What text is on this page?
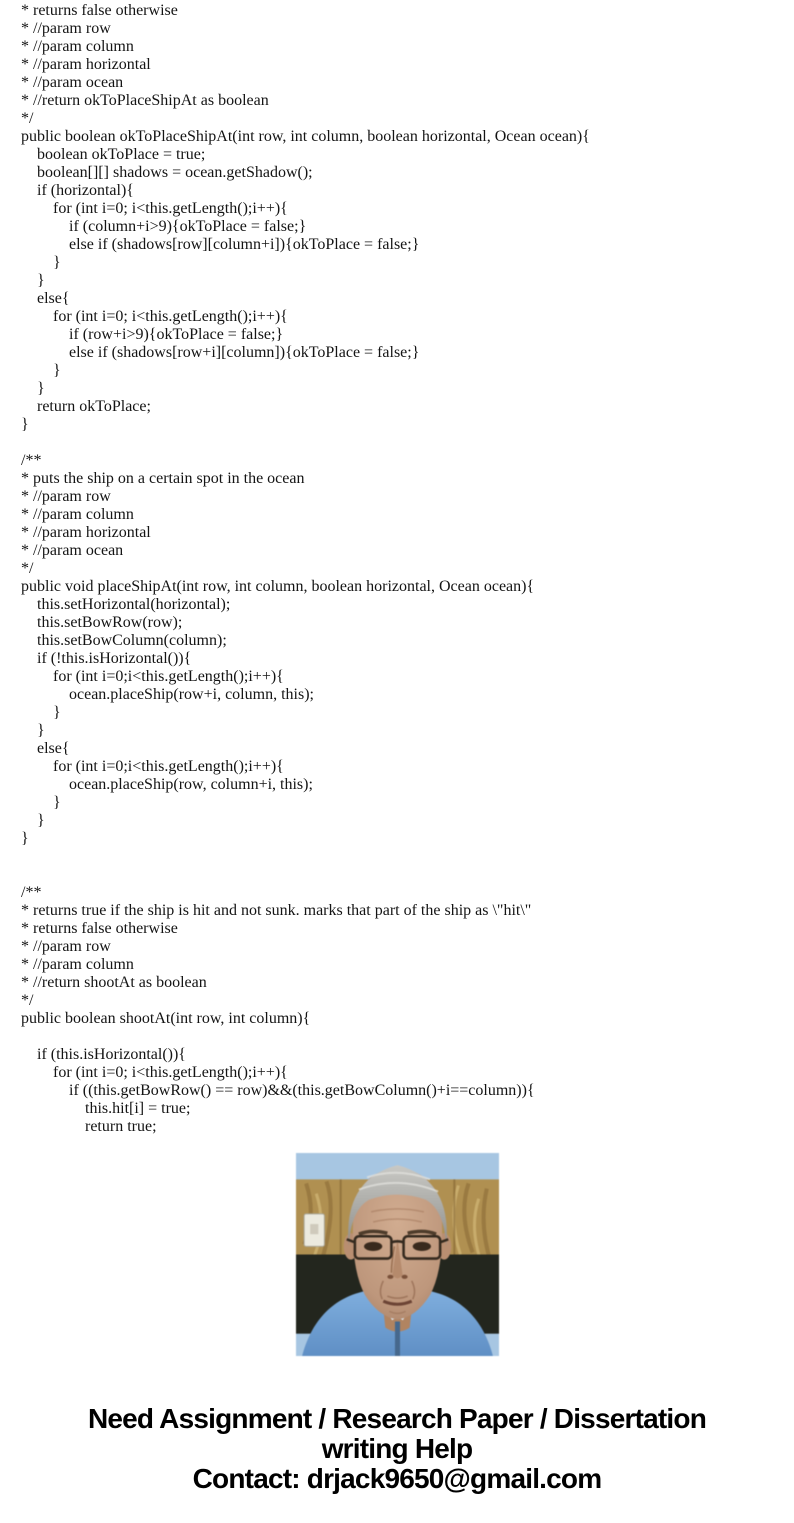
* returns false otherwise
* //param row
* //param column
* //param horizontal
* //param ocean
* //return okToPlaceShipAt as boolean
*/
public boolean okToPlaceShipAt(int row, int column, boolean horizontal, Ocean ocean){
boolean okToPlace = true;
boolean[][] shadows = ocean.getShadow();
if (horizontal){
for (int i=0; i<this.getLength();i++){
if (column+i>9){okToPlace = false;}
else if (shadows[row][column+i]){okToPlace = false;}
}
}
else{
for (int i=0; i<this.getLength();i++){
if (row+i>9){okToPlace = false;}
else if (shadows[row+i][column]){okToPlace = false;}
}
}
return okToPlace;
}
/**
* puts the ship on a certain spot in the ocean
* //param row
* //param column
* //param horizontal
* //param ocean
*/
public void placeShipAt(int row, int column, boolean horizontal, Ocean ocean){
this.setHorizontal(horizontal);
this.setBowRow(row);
this.setBowColumn(column);
if (!this.isHorizontal()){
for (int i=0;i<this.getLength();i++){
ocean.placeShip(row+i, column, this);
}
}
else{
for (int i=0;i<this.getLength();i++){
ocean.placeShip(row, column+i, this);
}
}
}
/**
* returns true if the ship is hit and not sunk. marks that part of the ship as \"hit\"
* returns false otherwise
* //param row
* //param column
* //return shootAt as boolean
*/
public boolean shootAt(int row, int column){
if (this.isHorizontal()){
for (int i=0; i<this.getLength();i++){
if ((this.getBowRow() == row)&&(this.getBowColumn()+i==column)){
this.hit[i] = true;
return true;
Need Assignment / Research Paper / Dissertation
writing Help
Contact: drjack9650@gmail.com
